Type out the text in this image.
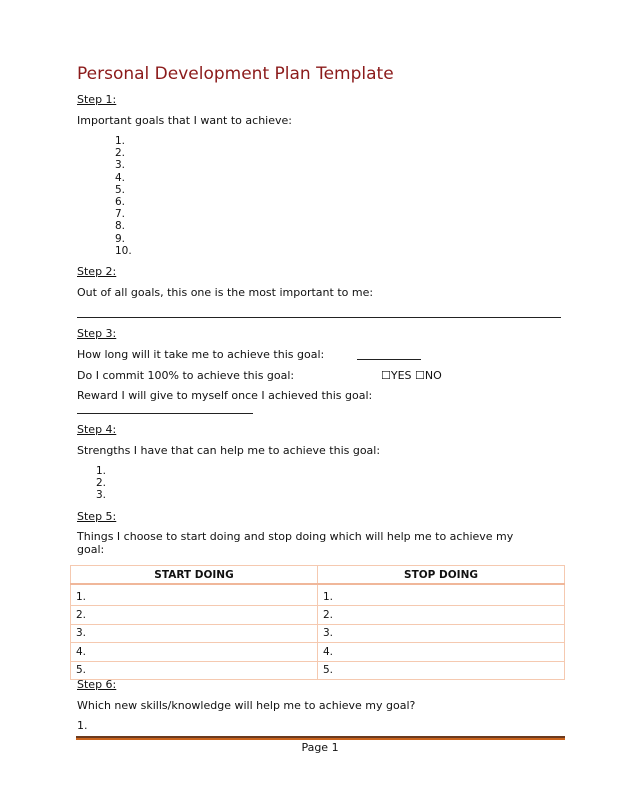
Personal Development Plan Template
Step 1:
Important goals that I want to achieve:
1.
2.
3.
4.
5.
6.
7.
8.
9.
10.
Step 2:
Out of all goals, this one is the most important to me:
Step 3:
How long will it take me to achieve this goal:
Do I commit 100% to achieve this goal:	☐YES ☐NO
Reward I will give to myself once I achieved this goal:
Step 4:
Strengths I have that can help me to achieve this goal:
1.
2.
3.
Step 5:
Things I choose to start doing and stop doing which will help me to achieve my
goal:
START DOING	STOP DOING
1.	1.
2.	2.
3.	3.
4.	4.
5.	5.
Step 6:
Which new skills/knowledge will help me to achieve my goal?
1.
Page 1
